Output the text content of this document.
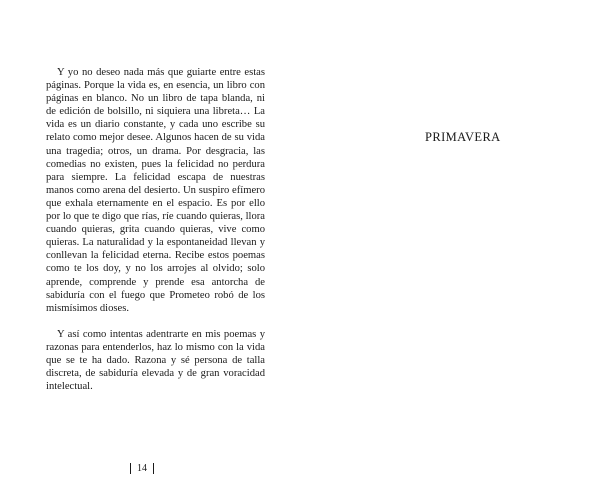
Y yo no deseo nada más que guiarte entre estas páginas. Porque la vida es, en esencia, un libro con páginas en blanco. No un libro de tapa blanda, ni de edición de bolsillo, ni siquiera una libreta… La vida es un diario constante, y cada uno escribe su relato como mejor desee. Algunos hacen de su vida una tragedia; otros, un drama. Por desgracia, las comedias no existen, pues la felicidad no perdura para siempre. La felicidad escapa de nuestras manos como arena del desierto. Un suspiro efímero que exhala eternamente en el espacio. Es por ello por lo que te digo que rías, ríe cuando quieras, llora cuando quieras, grita cuando quieras, vive como quieras. La naturalidad y la espontaneidad llevan y conllevan la felicidad eterna. Recibe estos poemas como te los doy, y no los arrojes al olvido; solo aprende, comprende y prende esa antorcha de sabiduría con el fuego que Prometeo robó de los mismísimos dioses.

Y así como intentas adentrarte en mis poemas y razonas para entenderlos, haz lo mismo con la vida que se te ha dado. Razona y sé persona de talla discreta, de sabiduría elevada y de gran voracidad intelectual.

14
PRIMAVERA
